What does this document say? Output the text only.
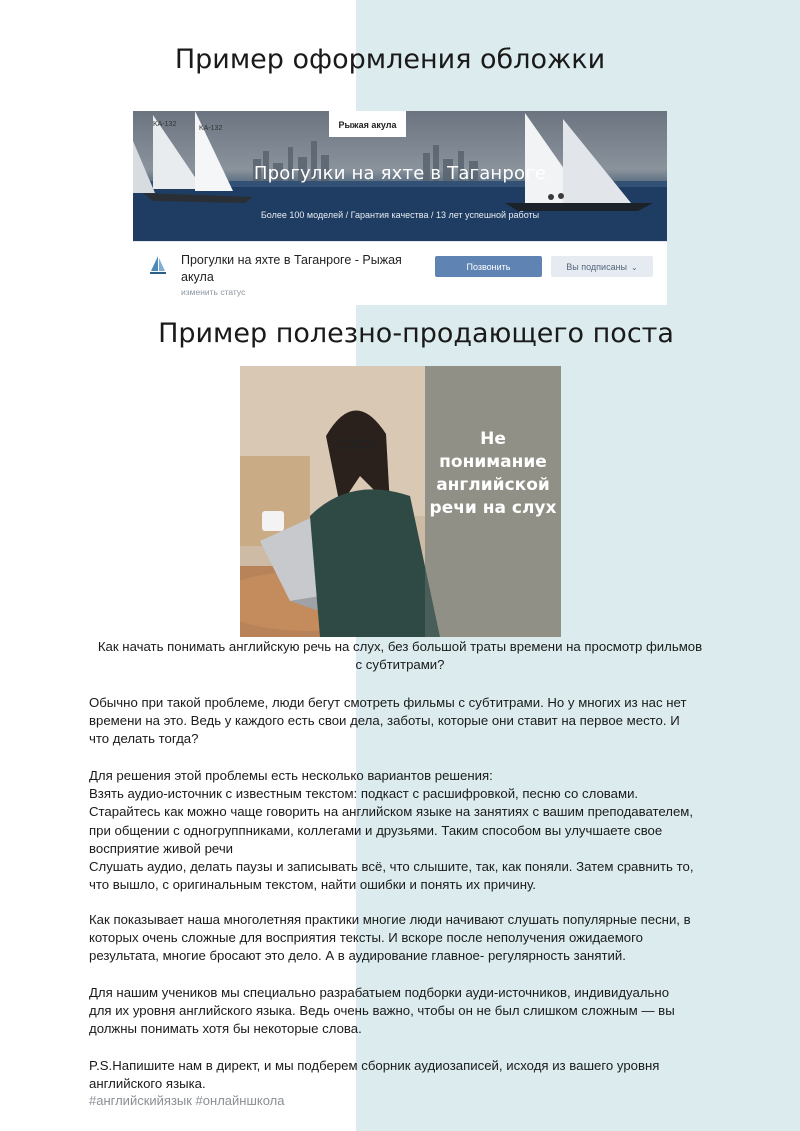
Пример оформления обложки
KA-132
KA-132	Рыжая акула
Прогулки на яхте в Таганроге
Более 100 моделей / Гарантия качества / 13 лет успешной работы
Прогулки на яхте в Таганроге - Рыжая
акула
изменить статус
Позвонить	Вы подписаны ⌄
Пример полезно-продающего поста
Не
понимание
английской
речи на слух

Как начать понимать английскую речь на слух, без большой траты времени на просмотр фильмов
с субтитрами?

Обычно при такой проблеме, люди бегут смотреть фильмы с субтитрами. Но у многих из нас нет
времени на это. Ведь у каждого есть свои дела, заботы, которые они ставит на первое место. И
что делать тогда?

Для решения этой проблемы есть несколько вариантов решения:
Взять аудио-источник с известным текстом: подкаст с расшифровкой, песню со словами.
Старайтесь как можно чаще говорить на английском языке на занятиях с вашим преподавателем,
при общении с одногруппниками, коллегами и друзьями. Таким способом вы улучшаете свое
восприятие живой речи
Слушать аудио, делать паузы и записывать всё, что слышите, так, как поняли. Затем сравнить то,
что вышло, с оригинальным текстом, найти ошибки и понять их причину.

Как показывает наша многолетняя практики многие люди начивают слушать популярные песни, в
которых очень сложные для восприятия тексты. И вскоре после неполучения ожидаемого
результата, многие бросают это дело. А в аудирование главное- регулярность занятий.

Для нашим учеников мы специально разрабатыем подборки ауди-источников, индивидуально
для их уровня английского языка. Ведь очень важно, чтобы он не был слишком сложным — вы
должны понимать хотя бы некоторые слова.

P.S.Напишите нам в директ, и мы подберем сборник аудиозаписей, исходя из вашего уровня
английского языка.

#английскийязык #онлайншкола
